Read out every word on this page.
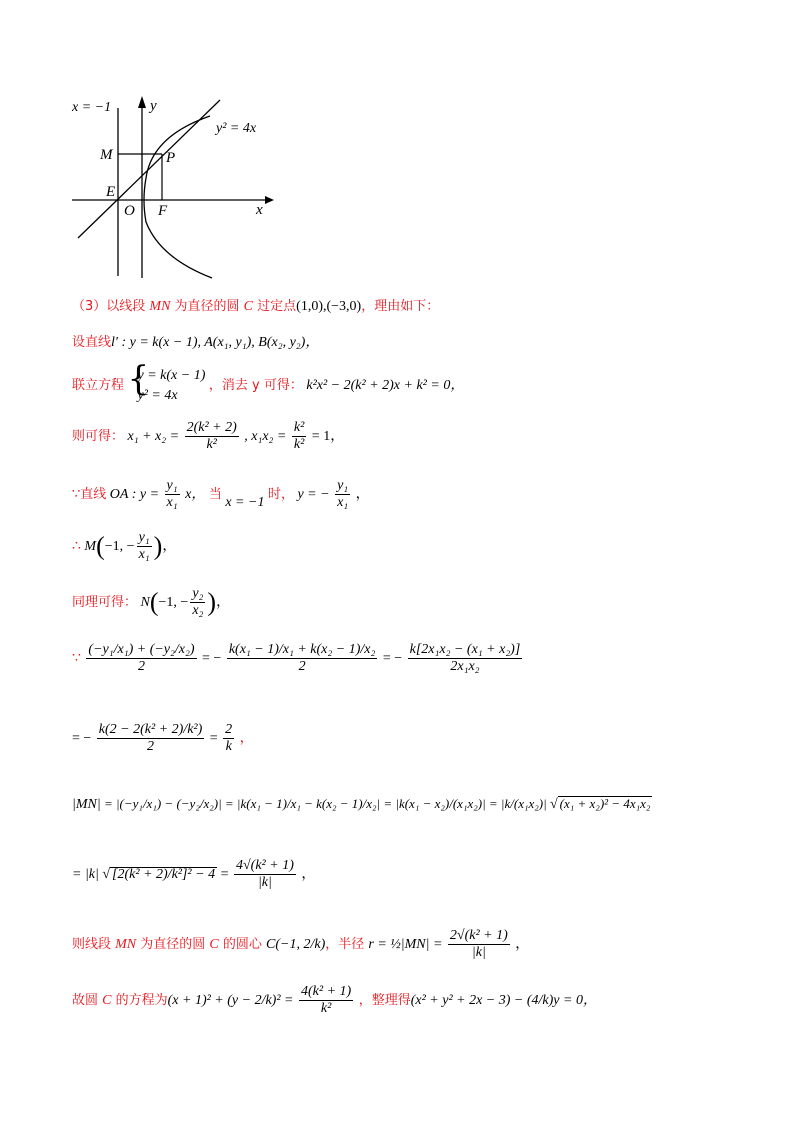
x = −1	y
x
y² = 4x
M	P
E
O F
（3）以线段 MN 为直径的圆 C 过定点(1,0),(−3,0)，理由如下：
设直线l′ : y = k(x − 1), A(x₁, y₁), B(x₂, y₂)，
联立方程 {
y = k(x − 1)
y² = 4x
，消去 y 可得： k²x² − 2(k² + 2)x + k² = 0，
则可得： $x_1 + x_2 = \frac{\text{2(k² + 2)}}{\text{k²}}$ , $x_1x_2 = \frac{\text{k²}}{\text{k²}} = 1$，
∵直线 OA : $y = \frac{\text{y₁}}{\text{x₁}}$ x， 当 x = −1 时， y = − $\frac{\text{y₁}}{\text{x₁}}$ ，
∴ M(−1, − $\frac{\text{y₁}}{\text{x₁}}$ )，
同理可得： N(−1, − $\frac{\text{y₂}}{\text{x₂}}$ )，
∵ $\frac{\text{(−y₁/x₁) + (−y₂/x₂)}}{2}$ = − $\frac{\text{k(x₁ − 1)/x₁ + k(x₂ − 1)/x₂}}{2}$ = − $\frac{\text{k[2x₁x₂ − (x₁ + x₂)]}}{\text{2x₁x₂}}$
= − $\frac{\text{k(2 − 2(k² + 2)/k²)}}{2} = \frac{2}{k}$ ，
|MN| = |(−y₁/x₁) − (−y₂/x₂)| = |k(x₁ − 1)/x₁ − k(x₂ − 1)/x₂| = |k(x₁ − x₂)/(x₁x₂)| = |k/(x₁x₂)| √ (x₁ + x₂)² − 4x₁x₂
= |k| √ $[2(k^2 + 2)/k^2]^2 - 4 = \frac{\text{4√(k² + 1)}}{|k|}$ ，
则线段 MN 为直径的圆 C 的圆心 C(−1, 2/k)，半径 r = ½|MN| = $\frac{\text{2√(k² + 1)}}{|k|}$ ，
故圆 C 的方程为$(x + 1)^2 + (y - 2/k)^2 = \frac{\text{4(k² + 1)}}{\text{k²}}$ ，整理得(x² + y² + 2x − 3) − (4/k)y = 0，
